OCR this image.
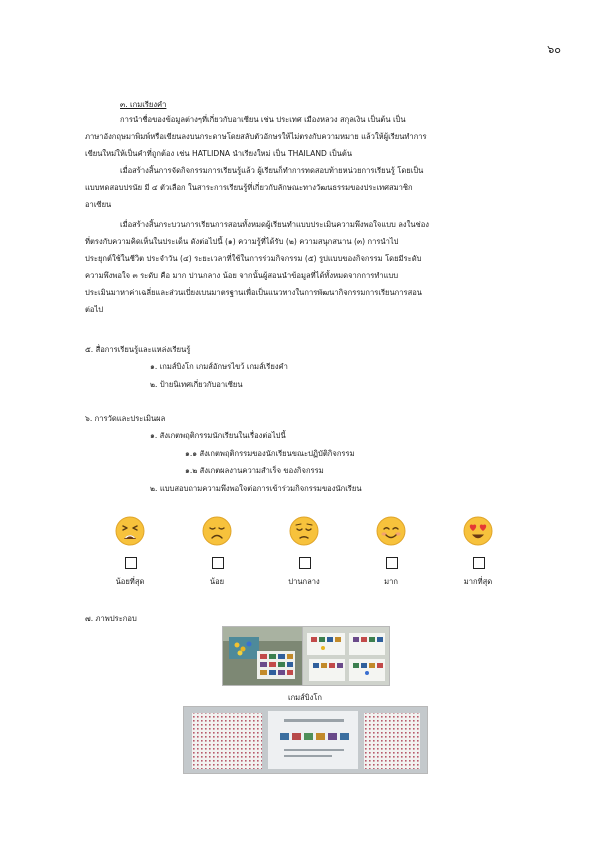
๖๐
๓. เกมเรียงคำ
การนำชื่อของข้อมูลต่างๆที่เกี่ยวกับอาเซียน เช่น ประเทศ เมืองหลวง สกุลเงิน เป็นต้น เป็น
ภาษาอังกฤษมาพิมพ์หรือเขียนลงบนกระดาษโดยสลับตัวอักษรให้ไม่ตรงกับความหมาย แล้วให้ผู้เรียนทำการ
เขียนใหม่ให้เป็นคำที่ถูกต้อง เช่น HATLIDNA นำเรียงใหม่ เป็น THAILAND เป็นต้น
เมื่อสร้างสิ้นการจัดกิจกรรมการเรียนรู้แล้ว ผู้เรียนก็ทำการทดสอบท้ายหน่วยการเรียนรู้ โดยเป็น
แบบทดสอบปรนัย มี ๔ ตัวเลือก ในสาระการเรียนรู้ที่เกี่ยวกับลักษณะทางวัฒนธรรมของประเทศสมาชิก
อาเซียน
เมื่อสร้างสิ้นกระบวนการเรียนการสอนทั้งหมดผู้เรียนทำแบบประเมินความพึงพอใจแบบ ลงในช่อง
ที่ตรงกับความคิดเห็นในประเด็น ดังต่อไปนี้ (๑) ความรู้ที่ได้รับ (๒) ความสนุกสนาน (๓) การนำไป
ประยุกต์ใช้ในชีวิต ประจำวัน (๔) ระยะเวลาที่ใช้ในการร่วมกิจกรรม (๕) รูปแบบของกิจกรรม โดยมีระดับ
ความพึงพอใจ ๓ ระดับ คือ มาก ปานกลาง น้อย จากนั้นผู้สอนนำข้อมูลที่ได้ทั้งหมดจากการทำแบบ
ประเมินมาหาค่าเฉลี่ยและส่วนเบี่ยงเบนมาตรฐานเพื่อเป็นแนวทางในการพัฒนากิจกรรมการเรียนการสอน
ต่อไป
๕. สื่อการเรียนรู้และแหล่งเรียนรู้
๑. เกมส์บิงโก เกมส์อักษรไขว้ เกมส์เรียงคำ
๒. ป้ายนิเทศเกี่ยวกับอาเซียน
๖. การวัดและประเมินผล
๑. สังเกตพฤติกรรมนักเรียนในเรื่องต่อไปนี้
๑.๑ สังเกตพฤติกรรมของนักเรียนขณะปฏิบัติกิจกรรม
๑.๒ สังเกตผลงานความสำเร็จ ของกิจกรรม
๒. แบบสอบถามความพึงพอใจต่อการเข้าร่วมกิจกรรมของนักเรียน
น้อยที่สุด	น้อย	ปานกลาง	มาก	มากที่สุด
๗. ภาพประกอบ
เกมส์บิงโก
